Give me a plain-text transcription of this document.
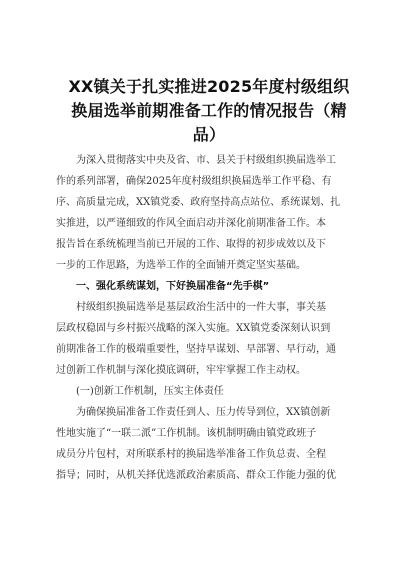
XX镇关于扎实推进2025年度村级组织
换届选举前期准备工作的情况报告（精
品）
为深入贯彻落实中央及省、市、县关于村级组织换届选举工
作的系列部署，确保2025年度村级组织换届选举工作平稳、有
序、高质量完成，XX镇党委、政府坚持高点站位、系统谋划、扎
实推进，以严谨细致的作风全面启动并深化前期准备工作。本
报告旨在系统梳理当前已开展的工作、取得的初步成效以及下
一步的工作思路，为选举工作的全面铺开奠定坚实基础。
一、强化系统谋划，下好换届准备“先手棋”
村级组织换届选举是基层政治生活中的一件大事，事关基
层政权稳固与乡村振兴战略的深入实施。XX镇党委深刻认识到
前期准备工作的极端重要性，坚持早谋划、早部署、早行动，通
过创新工作机制与深化摸底调研，牢牢掌握工作主动权。
(一)创新工作机制，压实主体责任
为确保换届准备工作责任到人、压力传导到位，XX镇创新
性地实施了“一联二派”工作机制。该机制明确由镇党政班子
成员分片包村，对所联系村的换届选举准备工作负总责、全程
指导；同时，从机关择优选派政治素质高、群众工作能力强的优
